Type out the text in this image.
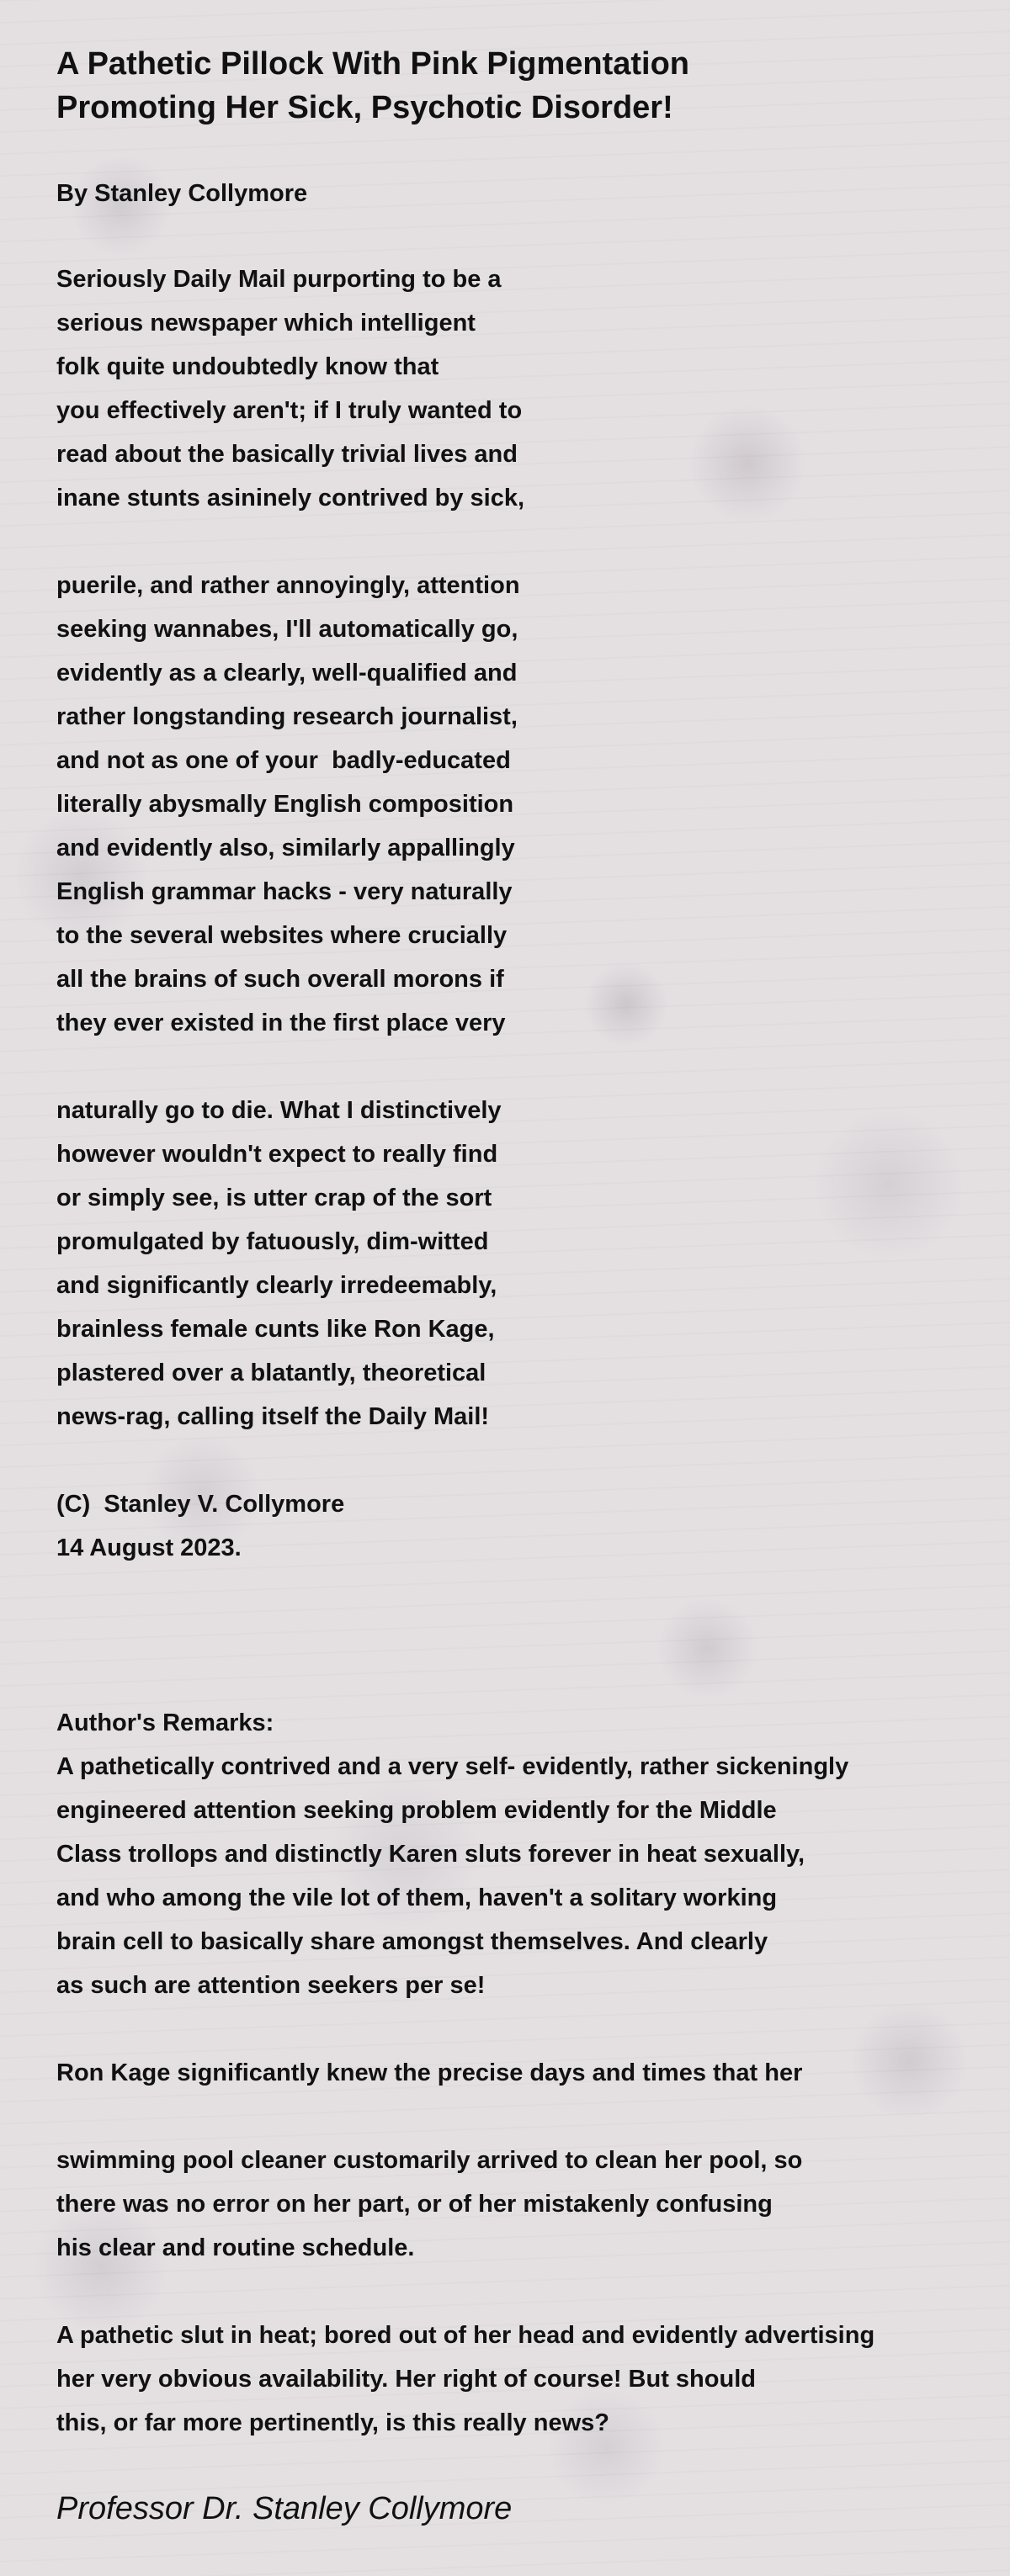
A Pathetic Pillock With Pink Pigmentation
Promoting Her Sick, Psychotic Disorder!
By Stanley Collymore
Seriously Daily Mail purporting to be a
serious newspaper which intelligent
folk quite undoubtedly know that
you effectively aren't; if I truly wanted to
read about the basically trivial lives and
inane stunts asininely contrived by sick,
puerile, and rather annoyingly, attention
seeking wannabes, I'll automatically go,
evidently as a clearly, well-qualified and
rather longstanding research journalist,
and not as one of your  badly-educated
literally abysmally English composition
and evidently also, similarly appallingly
English grammar hacks - very naturally
to the several websites where crucially
all the brains of such overall morons if
they ever existed in the first place very
naturally go to die. What I distinctively
however wouldn't expect to really find
or simply see, is utter crap of the sort
promulgated by fatuously, dim-witted
and significantly clearly irredeemably,
brainless female cunts like Ron Kage,
plastered over a blatantly, theoretical
news-rag, calling itself the Daily Mail!
(C)  Stanley V. Collymore
14 August 2023.
Author's Remarks:
A pathetically contrived and a very self- evidently, rather sickeningly
engineered attention seeking problem evidently for the Middle
Class trollops and distinctly Karen sluts forever in heat sexually,
and who among the vile lot of them, haven't a solitary working
brain cell to basically share amongst themselves. And clearly
as such are attention seekers per se!
Ron Kage significantly knew the precise days and times that her
swimming pool cleaner customarily arrived to clean her pool, so
there was no error on her part, or of her mistakenly confusing
his clear and routine schedule.
A pathetic slut in heat; bored out of her head and evidently advertising
her very obvious availability. Her right of course! But should
this, or far more pertinently, is this really news?
Professor Dr. Stanley Collymore
